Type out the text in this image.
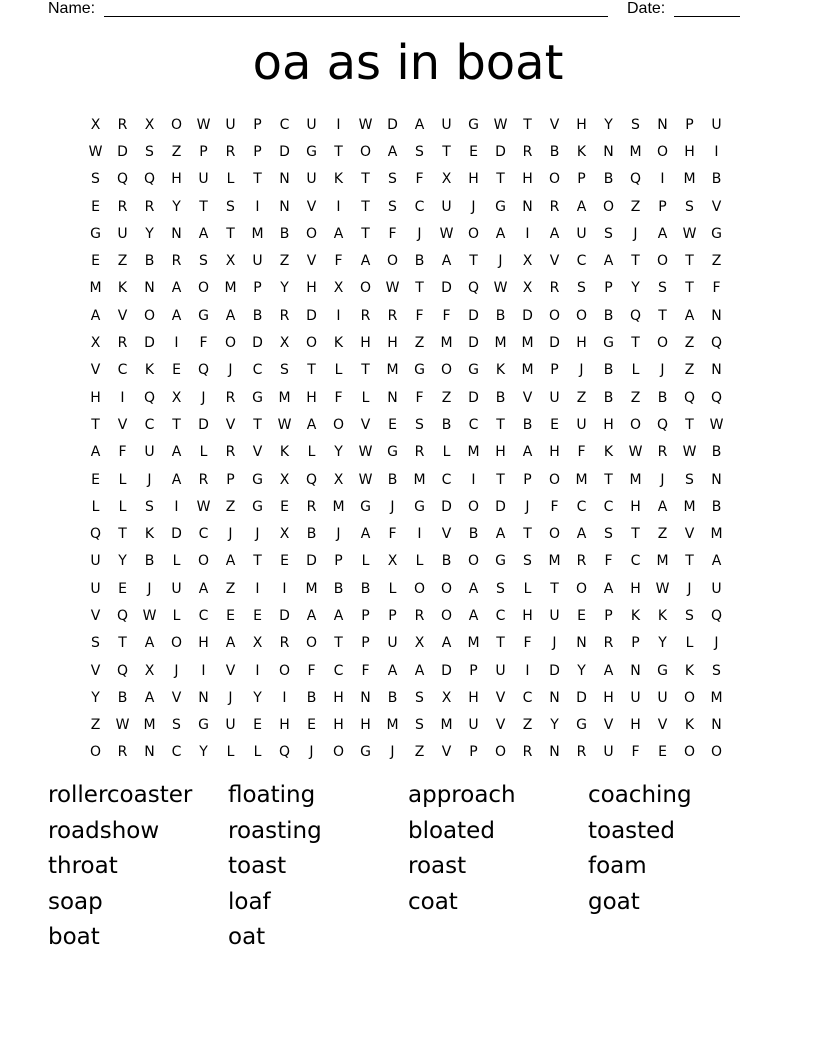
Name:	Date:
oa as in boat
X	R	X	O	W	U	P	C	U	I	W	D	A	U	G	W	T	V	H	Y	S	N	P	U
W	D	S	Z	P	R	P	D	G	T	O	A	S	T	E	D	R	B	K	N	M	O	H	I
S	Q	Q	H	U	L	T	N	U	K	T	S	F	X	H	T	H	O	P	B	Q	I	M	B
E	R	R	Y	T	S	I	N	V	I	T	S	C	U	J	G	N	R	A	O	Z	P	S	V
G	U	Y	N	A	T	M	B	O	A	T	F	J	W	O	A	I	A	U	S	J	A	W	G
E	Z	B	R	S	X	U	Z	V	F	A	O	B	A	T	J	X	V	C	A	T	O	T	Z
M	K	N	A	O	M	P	Y	H	X	O	W	T	D	Q	W	X	R	S	P	Y	S	T	F
A	V	O	A	G	A	B	R	D	I	R	R	F	F	D	B	D	O	O	B	Q	T	A	N
X	R	D	I	F	O	D	X	O	K	H	H	Z	M	D	M	M	D	H	G	T	O	Z	Q
V	C	K	E	Q	J	C	S	T	L	T	M	G	O	G	K	M	P	J	B	L	J	Z	N
H	I	Q	X	J	R	G	M	H	F	L	N	F	Z	D	B	V	U	Z	B	Z	B	Q	Q
T	V	C	T	D	V	T	W	A	O	V	E	S	B	C	T	B	E	U	H	O	Q	T	W
A	F	U	A	L	R	V	K	L	Y	W	G	R	L	M	H	A	H	F	K	W	R	W	B
E	L	J	A	R	P	G	X	Q	X	W	B	M	C	I	T	P	O	M	T	M	J	S	N
L	L	S	I	W	Z	G	E	R	M	G	J	G	D	O	D	J	F	C	C	H	A	M	B
Q	T	K	D	C	J	J	X	B	J	A	F	I	V	B	A	T	O	A	S	T	Z	V	M
U	Y	B	L	O	A	T	E	D	P	L	X	L	B	O	G	S	M	R	F	C	M	T	A
U	E	J	U	A	Z	I	I	M	B	B	L	O	O	A	S	L	T	O	A	H	W	J	U
V	Q	W	L	C	E	E	D	A	A	P	P	R	O	A	C	H	U	E	P	K	K	S	Q
S	T	A	O	H	A	X	R	O	T	P	U	X	A	M	T	F	J	N	R	P	Y	L	J
V	Q	X	J	I	V	I	O	F	C	F	A	A	D	P	U	I	D	Y	A	N	G	K	S
Y	B	A	V	N	J	Y	I	B	H	N	B	S	X	H	V	C	N	D	H	U	U	O	M
Z	W	M	S	G	U	E	H	E	H	H	M	S	M	U	V	Z	Y	G	V	H	V	K	N
O	R	N	C	Y	L	L	Q	J	O	G	J	Z	V	P	O	R	N	R	U	F	E	O	O
rollercoaster	floating	approach	coaching
roadshow	roasting	bloated	toasted
throat	toast	roast	foam
soap	loaf	coat	goat
boat	oat
